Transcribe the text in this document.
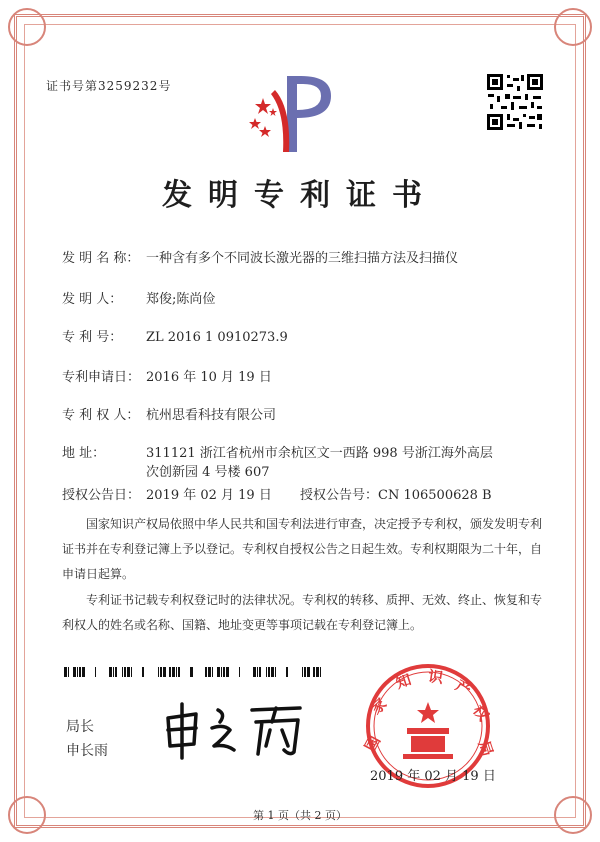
证书号第3259232号
发明专利证书
发 明 名 称： 一种含有多个不同波长激光器的三维扫描方法及扫描仪
发 明 人： 郑俊;陈尚俭
专 利 号： ZL 2016 1 0910273.9
专利申请日： 2016 年 10 月 19 日
专 利 权 人： 杭州思看科技有限公司
地 址：	311121 浙江省杭州市余杭区文一西路 998 号浙江海外高层
次创新园 4 号楼 607
授权公告日： 2019 年 02 月 19 日 授权公告号：CN 106500628 B
国家知识产权局依照中华人民共和国专利法进行审查，决定授予专利权，颁发发明专利证书并在专利登记簿上予以登记。专利权自授权公告之日起生效。专利权期限为二十年，自申请日起算。
专利证书记载专利权登记时的法律状况。专利权的转移、质押、无效、终止、恢复和专利权人的姓名或名称、国籍、地址变更等事项记载在专利登记簿上。
局长
申长雨	国
家
知 识 产
权
局
2019 年 02 月 19 日
第 1 页（共 2 页）
